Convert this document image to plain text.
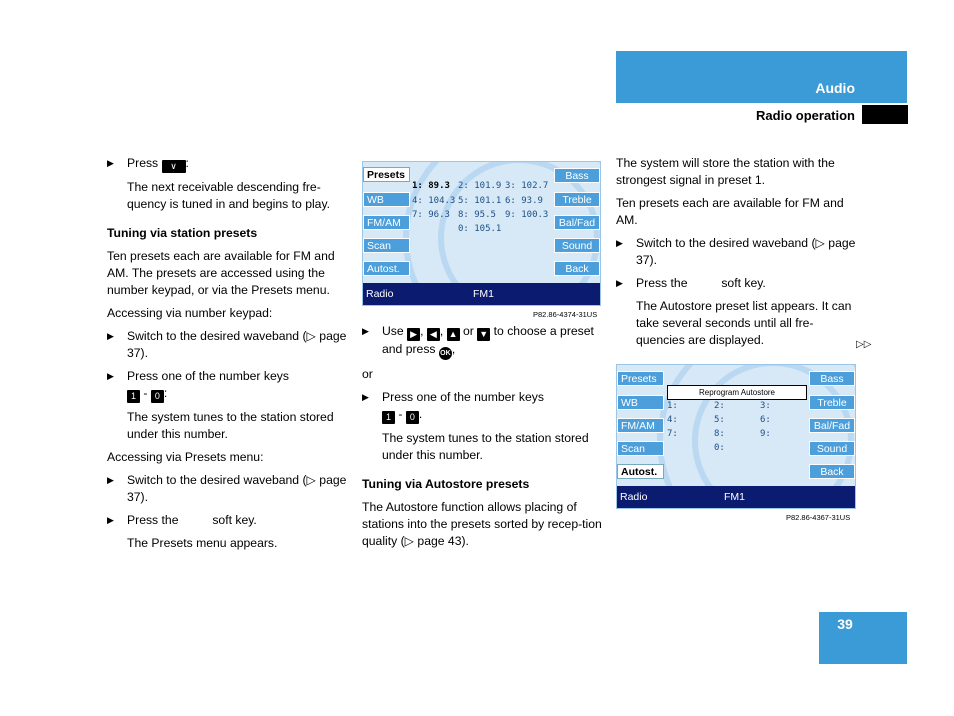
Audio
Radio operation
▶	Press ∨ :
The next receivable descending fre-quency is tuned in and begins to play.
Tuning via station presets
Ten presets each are available for FM and AM. The presets are accessed using the number keypad, or via the Presets menu.
Accessing via number keypad:
▶	Switch to the desired waveband (▷ page 37).
▶	Press one of the number keys
1 - 0 :
The system tunes to the station stored under this number.
Accessing via Presets menu:
▶	Switch to the desired waveband (▷ page 37).
▶	Press the          soft key.
The Presets menu appears.
Presets
WB
FM/AM
Scan
Autost.
Bass
Treble
Bal/Fad
Sound
Back
1: 89.3 2: 101.9 3: 102.7
4: 104.3 5: 101.1 6: 93.9
7: 96.3 8: 95.5 9: 100.3
0: 105.1
Radio	FM1
P82.86-4374-31US
▶	Use ▶ , ◀ , ▲ or ▼ to choose a preset and press OK,
or
▶	Press one of the number keys
1 - 0 .
The system tunes to the station stored under this number.
Tuning via Autostore presets
The Autostore function allows placing of stations into the presets sorted by recep-tion quality (▷ page 43).
The system will store the station with the strongest signal in preset 1.
Ten presets each are available for FM and AM.
▶	Switch to the desired waveband (▷ page 37).
▶	Press the          soft key.
The Autostore preset list appears. It can take several seconds until all fre-quencies are displayed.	▷▷
Presets
WB
FM/AM
Scan
Autost.
Bass
Treble
Bal/Fad
Sound
Back
Reprogram Autostore
1:	2:	3:
4:	5:	6:
7:	8:	9:
0:
Radio	FM1
P82.86-4367-31US
39
